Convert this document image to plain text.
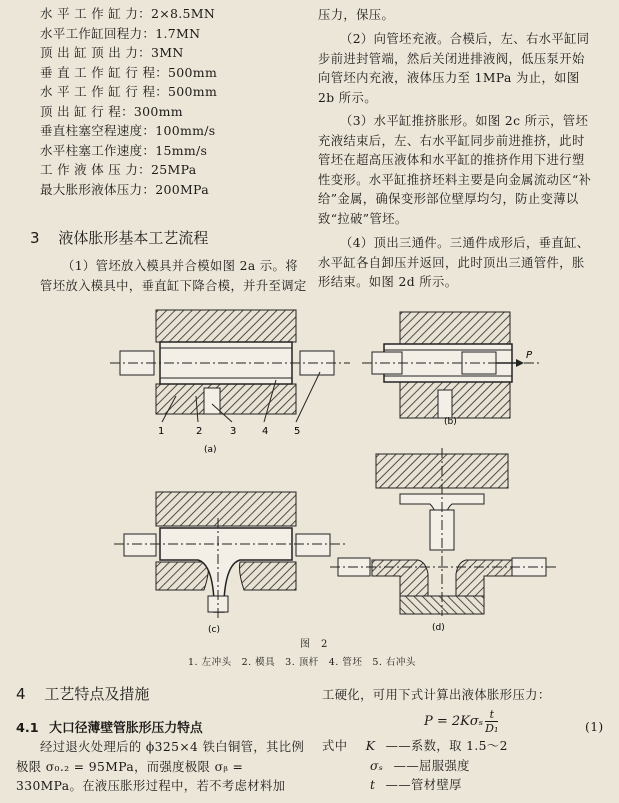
水 平 工 作 缸 力：2×8.5MN
水平工作缸回程力：1.7MN
顶 出 缸 顶 出 力：3MN
垂 直 工 作 缸 行 程：500mm
水 平 工 作 缸 行 程：500mm
顶 出 缸 行 程：300mm
垂直柱塞空程速度：100mm/s
水平柱塞工作速度：15mm/s
工 作 液 体 压 力：25MPa
最大胀形液体压力：200MPa
3 液体胀形基本工艺流程
（1）管坯放入模具并合模如图 2a 示。将管坯放入模具中，垂直缸下降合模，并升至调定
压力，保压。
（2）向管坯充液。合模后，左、右水平缸同步前进封管端，然后关闭进排液阀，低压泵开始向管坯内充液，液体压力至 1MPa 为止，如图 2b 所示。
（3）水平缸推挤胀形。如图 2c 所示，管坯充液结束后，左、右水平缸同步前进推挤，此时管坯在超高压液体和水平缸的推挤作用下进行塑性变形。水平缸推挤坯料主要是向金属流动区“补给”金属，确保变形部位壁厚均匀，防止变薄以致“拉破”管坯。
（4）顶出三通件。三通件成形后，垂直缸、水平缸各自卸压并返回，此时顶出三通管件，胀形结束。如图 2d 所示。
1	2	3	4	5
(a)
P
(b)
(c)	(d)
图　2
1. 左冲头　2. 模具　3. 顶杆　4. 管坯　5. 右冲头
4 工艺特点及措施
4.1 大口径薄壁管胀形压力特点
经过退火处理后的 ϕ325×4 铁白铜管，其比例极限 σ₀.₂ = 95MPa，而强度极限 σᵦ = 330MPa。在液压胀形过程中，若不考虑材料加
工硬化，可用下式计算出液体胀形压力：
$P = 2K\sigma_s \frac{t}{\text{D₁}}$	(1)
式中 K ——系数，取 1.5～2
σₛ ——屈服强度
t ——管材壁厚
